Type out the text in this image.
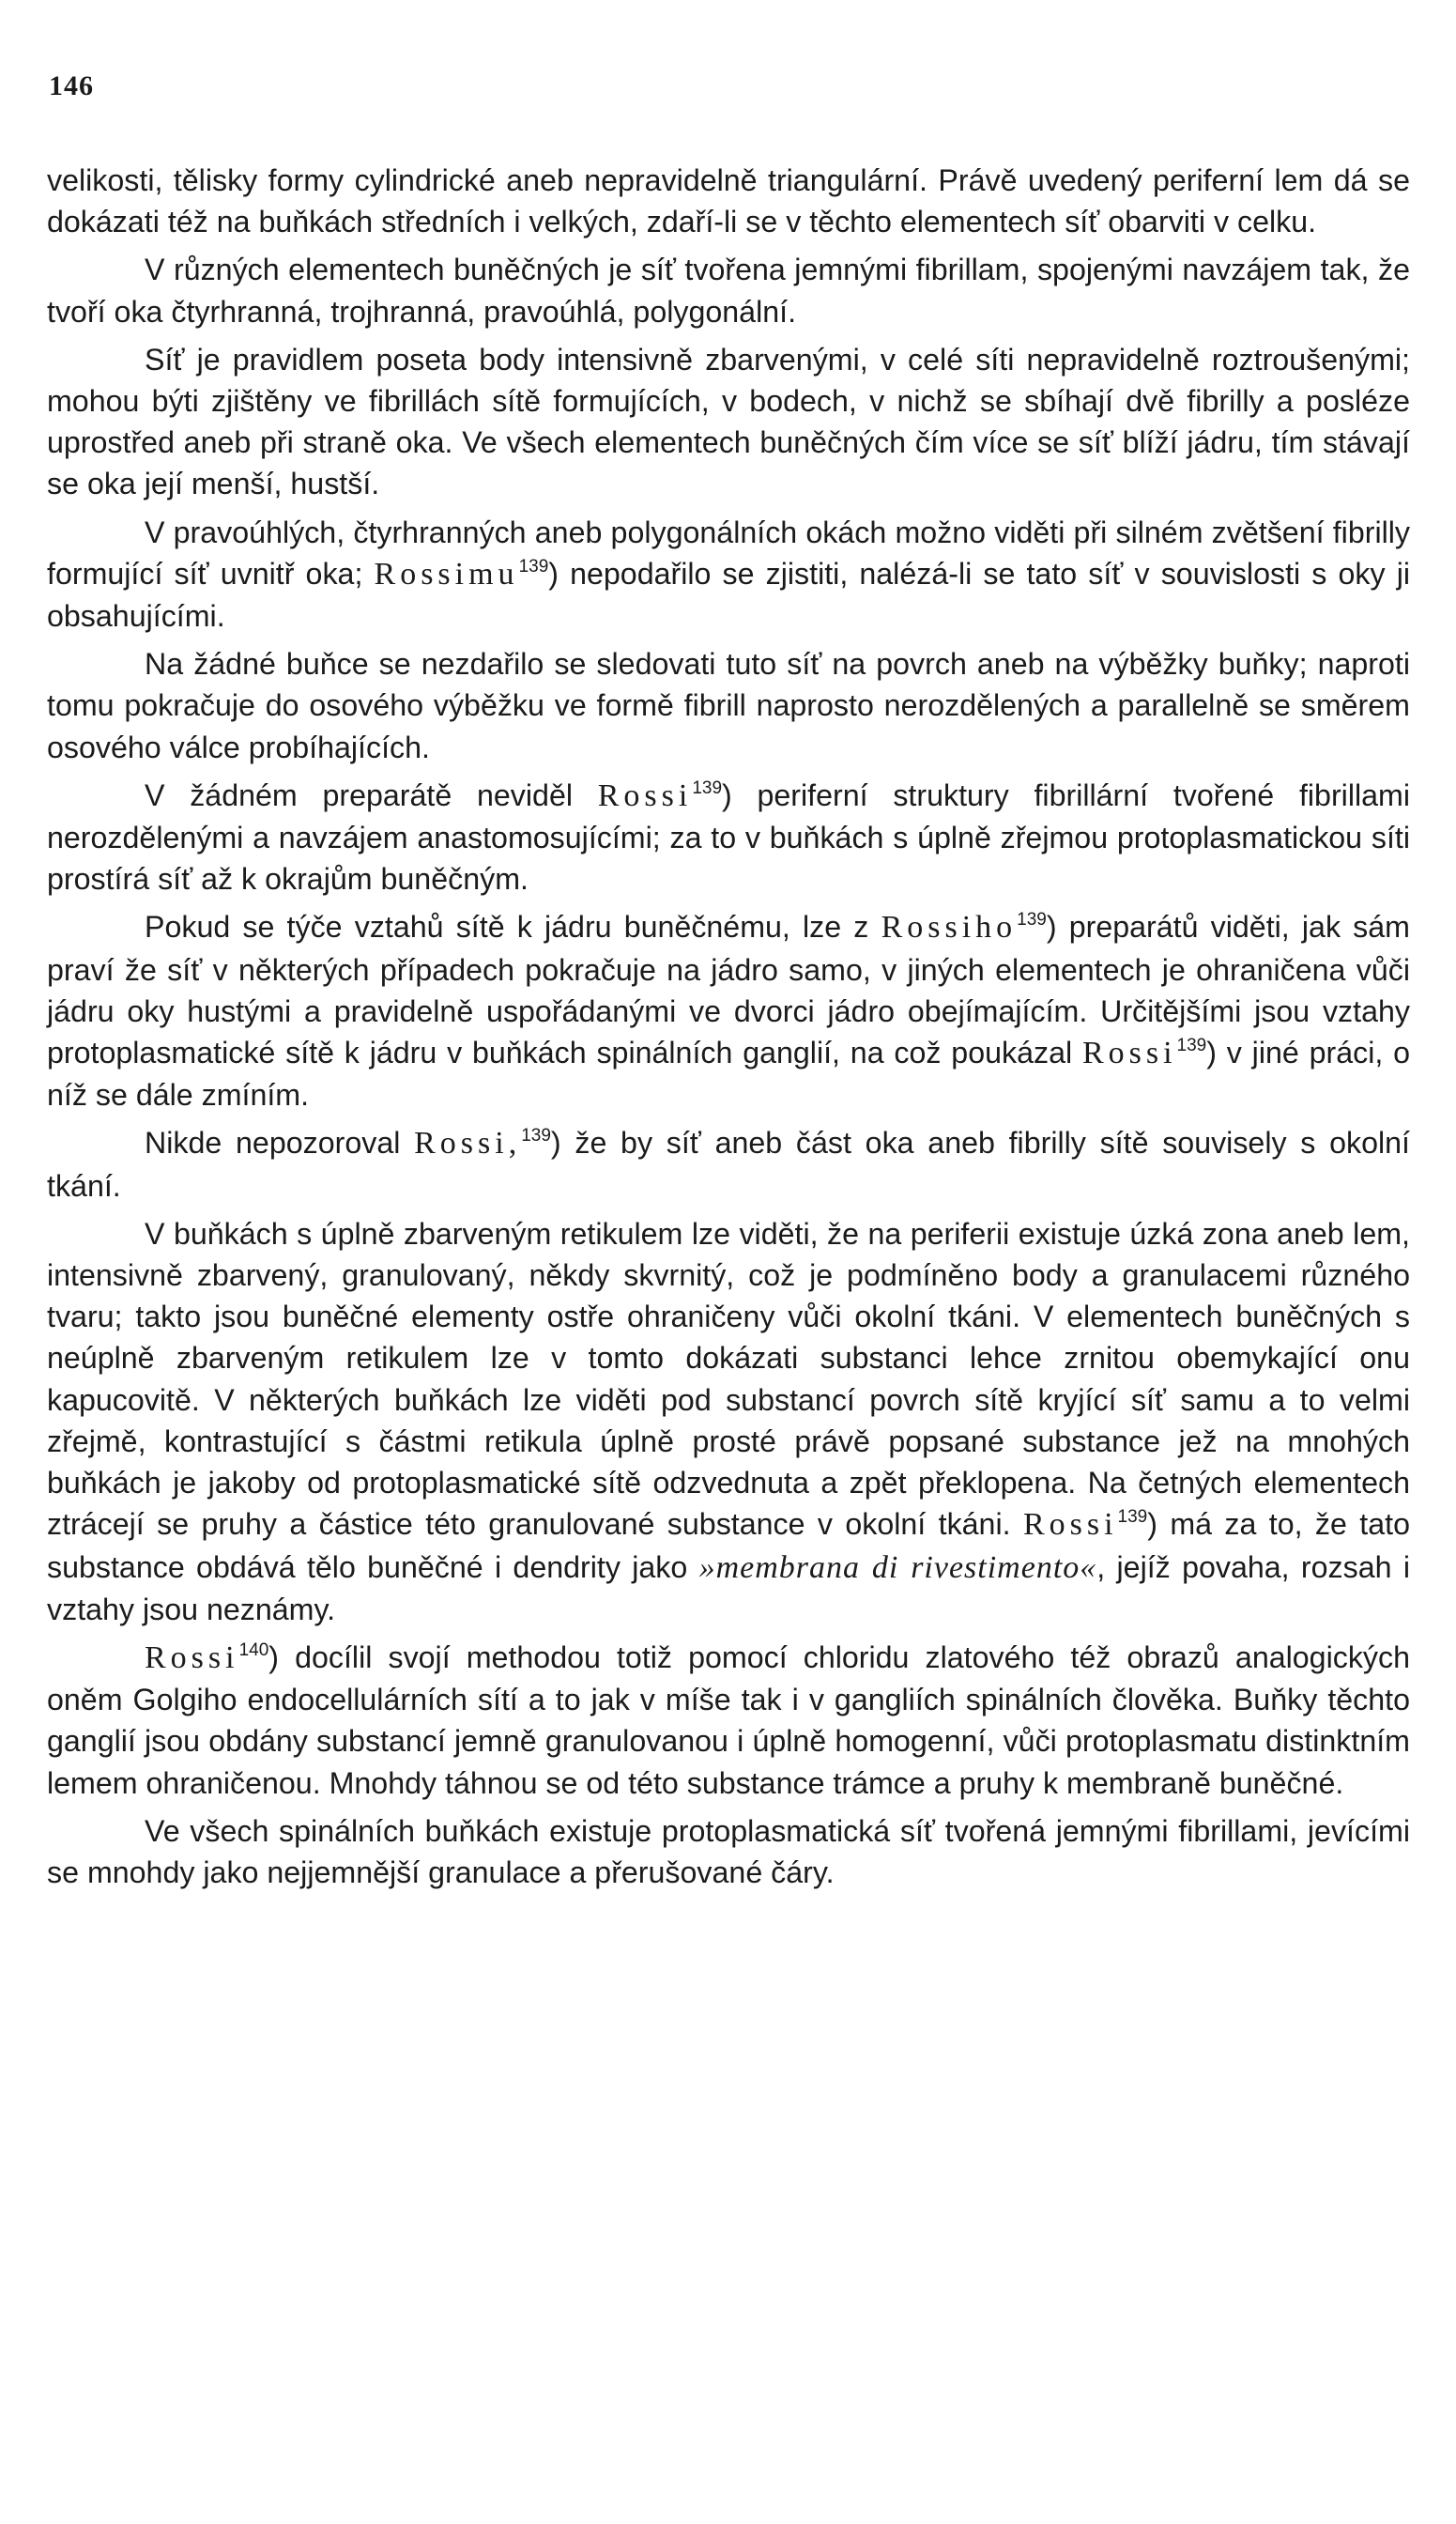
146

velikosti, tělisky formy cylindrické aneb nepravidelně triangulární. Právě uvedený periferní lem dá se dokázati též na buňkách středních i velkých, zdaří-li se v těchto elementech síť obarviti v celku.

V různých elementech buněčných je síť tvořena jemnými fibrillam, spojenými navzájem tak, že tvoří oka čtyrhranná, trojhranná, pravoúhlá, polygonální.

Síť je pravidlem poseta body intensivně zbarvenými, v celé síti nepravidelně roztroušenými; mohou býti zjištěny ve fibrillách sítě formujících, v bodech, v nichž se sbíhají dvě fibrilly a posléze uprostřed aneb při straně oka. Ve všech elementech buněčných čím více se síť blíží jádru, tím stávají se oka její menší, hustší.

V pravoúhlých, čtyrhranných aneb polygonálních okách možno viděti při silném zvětšení fibrilly formující síť uvnitř oka; Rossimu$^{139}$) nepodařilo se zjistiti, nalézá-li se tato síť v souvislosti s oky ji obsahujícími.

Na žádné buňce se nezdařilo se sledovati tuto síť na povrch aneb na výběžky buňky; naproti tomu pokračuje do osového výběžku ve formě fibrill naprosto nerozdělených a parallelně se směrem osového válce probíhajících.

V žádném preparátě neviděl Rossi$^{139}$) periferní struktury fibrillární tvořené fibrillami nerozdělenými a navzájem anastomosujícími; za to v buňkách s úplně zřejmou protoplasmatickou síti prostírá síť až k okrajům buněčným.

Pokud se týče vztahů sítě k jádru buněčnému, lze z Rossiho$^{139}$) preparátů viděti, jak sám praví že síť v některých případech pokračuje na jádro samo, v jiných elementech je ohraničena vůči jádru oky hustými a pravidelně uspořádanými ve dvorci jádro obejímajícím. Určitějšími jsou vztahy protoplasmatické sítě k jádru v buňkách spinálních ganglií, na což poukázal Rossi$^{139}$) v jiné práci, o níž se dále zmíním.

Nikde nepozoroval Rossi,$^{139}$) že by síť aneb část oka aneb fibrilly sítě souvisely s okolní tkání.

V buňkách s úplně zbarveným retikulem lze viděti, že na periferii existuje úzká zona aneb lem, intensivně zbarvený, granulovaný, někdy skvrnitý, což je podmíněno body a granulacemi různého tvaru; takto jsou buněčné elementy ostře ohraničeny vůči okolní tkáni. V elementech buněčných s neúplně zbarveným retikulem lze v tomto dokázati substanci lehce zrnitou obemykající onu kapucovitě. V některých buňkách lze viděti pod substancí povrch sítě kryjící síť samu a to velmi zřejmě, kontrastující s částmi retikula úplně prosté právě popsané substance jež na mnohých buňkách je jakoby od protoplasmatické sítě odzvednuta a zpět překlopena. Na četných elementech ztrácejí se pruhy a částice této granulované substance v okolní tkáni. Rossi$^{139}$) má za to, že tato substance obdává tělo buněčné i dendrity jako »membrana di rivestimento«, jejíž povaha, rozsah i vztahy jsou neznámy.

Rossi$^{140}$) docílil svojí methodou totiž pomocí chloridu zlatového též obrazů analogických oněm Golgiho endocellulárních sítí a to jak v míše tak i v gangliích spinálních člověka. Buňky těchto ganglií jsou obdány substancí jemně granulovanou i úplně homogenní, vůči protoplasmatu distinktním lemem ohraničenou. Mnohdy táhnou se od této substance trámce a pruhy k membraně buněčné.

Ve všech spinálních buňkách existuje protoplasmatická síť tvořená jemnými fibrillami, jevícími se mnohdy jako nejjemnější granulace a přerušované čáry.
